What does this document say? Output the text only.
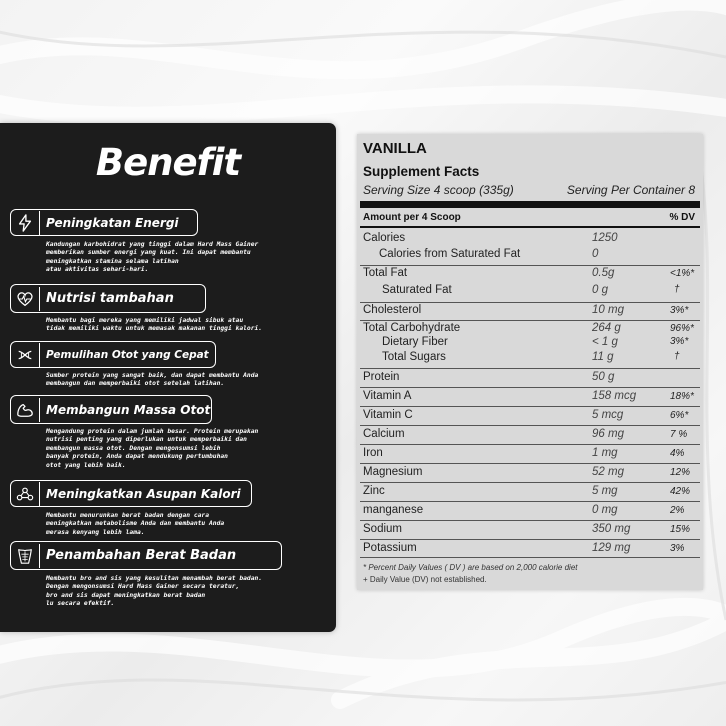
Benefit
Peningkatan Energi
Kandungan karbohidrat yang tinggi dalam Hard Mass Gainer
memberikan sumber energi yang kuat. Ini dapat membantu
meningkatkan stamina selama latihan
atau aktivitas sehari-hari.
Nutrisi tambahan
Membantu bagi mereka yang memiliki jadwal sibuk atau
tidak memiliki waktu untuk memasak makanan tinggi kalori.
Pemulihan Otot yang Cepat
Sumber protein yang sangat baik, dan dapat membantu Anda
membangun dan memperbaiki otot setelah latihan.
Membangun Massa Otot
Mengandung protein dalam jumlah besar. Protein merupakan
nutrisi penting yang diperlukan untuk memperbaiki dan
membangun massa otot. Dengan mengonsumsi lebih
banyak protein, Anda dapat mendukung pertumbuhan
otot yang lebih baik.
Meningkatkan Asupan Kalori
Membantu menurunkan berat badan dengan cara
meningkatkan metabolisme Anda dan membantu Anda
merasa kenyang lebih lama.
Penambahan Berat Badan
Membantu bro and sis yang kesulitan menambah berat badan.
Dengan mengonsumsi Hard Mass Gainer secara teratur,
bro and sis dapat meningkatkan berat badan
lu secara efektif.
VANILLA
Supplement Facts
Serving Size 4 scoop (335g)	Serving Per Container 8
Amount per 4 Scoop	% DV
Calories	1250
Calories from Saturated Fat	0
Total Fat	0.5g	<1%*
Saturated Fat	0 g	†
Cholesterol	10 mg	3%*
Total Carbohydrate	264 g	96%*
Dietary Fiber	< 1 g	3%*
Total Sugars	11 g	†
Protein	50 g
Vitamin A	158 mcg	18%*
Vitamin C	5 mcg	6%*
Calcium	96 mg	7 %
Iron	1 mg	4%
Magnesium	52 mg	12%
Zinc	5 mg	42%
manganese	0 mg	2%
Sodium	350 mg	15%
Potassium	129 mg	3%
* Percent Daily Values ( DV ) are based on 2,000 calorie diet
+ Daily Value (DV) not established.
